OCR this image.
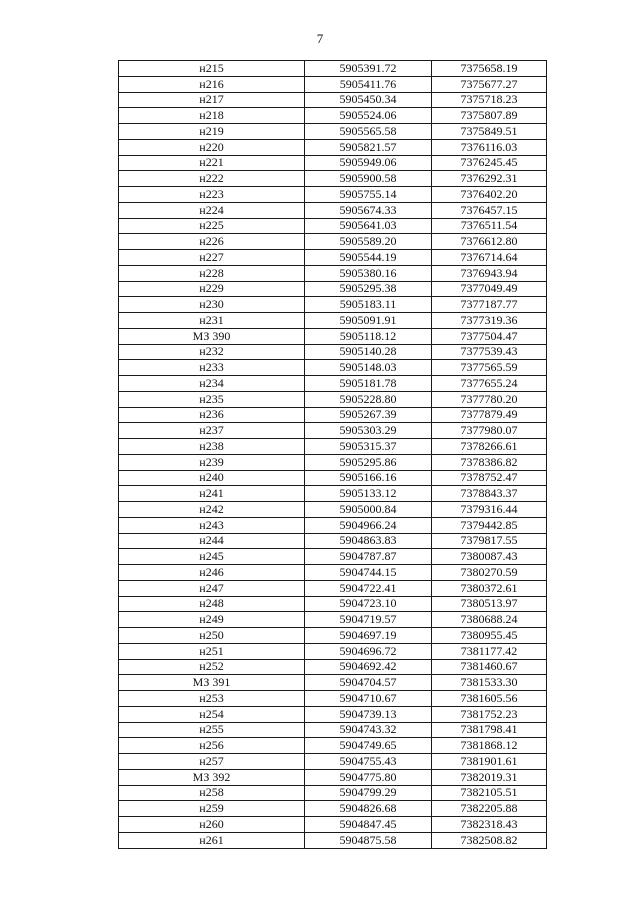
7
н215	5905391.72	7375658.19
н216	5905411.76	7375677.27
н217	5905450.34	7375718.23
н218	5905524.06	7375807.89
н219	5905565.58	7375849.51
н220	5905821.57	7376116.03
н221	5905949.06	7376245.45
н222	5905900.58	7376292.31
н223	5905755.14	7376402.20
н224	5905674.33	7376457.15
н225	5905641.03	7376511.54
н226	5905589.20	7376612.80
н227	5905544.19	7376714.64
н228	5905380.16	7376943.94
н229	5905295.38	7377049.49
н230	5905183.11	7377187.77
н231	5905091.91	7377319.36
МЗ 390	5905118.12	7377504.47
н232	5905140.28	7377539.43
н233	5905148.03	7377565.59
н234	5905181.78	7377655.24
н235	5905228.80	7377780.20
н236	5905267.39	7377879.49
н237	5905303.29	7377980.07
н238	5905315.37	7378266.61
н239	5905295.86	7378386.82
н240	5905166.16	7378752.47
н241	5905133.12	7378843.37
н242	5905000.84	7379316.44
н243	5904966.24	7379442.85
н244	5904863.83	7379817.55
н245	5904787.87	7380087.43
н246	5904744.15	7380270.59
н247	5904722.41	7380372.61
н248	5904723.10	7380513.97
н249	5904719.57	7380688.24
н250	5904697.19	7380955.45
н251	5904696.72	7381177.42
н252	5904692.42	7381460.67
МЗ 391	5904704.57	7381533.30
н253	5904710.67	7381605.56
н254	5904739.13	7381752.23
н255	5904743.32	7381798.41
н256	5904749.65	7381868.12
н257	5904755.43	7381901.61
МЗ 392	5904775.80	7382019.31
н258	5904799.29	7382105.51
н259	5904826.68	7382205.88
н260	5904847.45	7382318.43
н261	5904875.58	7382508.82
